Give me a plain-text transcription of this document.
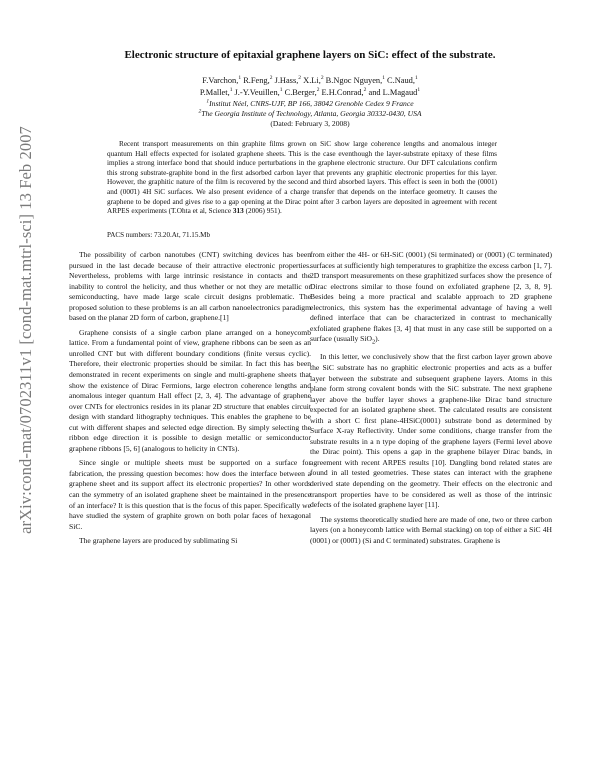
arXiv:cond-mat/0702311v1 [cond-mat.mtrl-sci] 13 Feb 2007
Electronic structure of epitaxial graphene layers on SiC: effect of the substrate.
F.Varchon,$^1$ R.Feng,$^2$ J.Hass,$^2$ X.Li,$^2$ B.Ngoc Nguyen,$^1$ C.Naud,$^1$
P.Mallet,$^1$ J.-Y.Veuillen,$^1$ C.Berger,$^2$ E.H.Conrad,$^2$ and L.Magaud$^1$
$^1$Institut Néel, CNRS-UJF, BP 166, 38042 Grenoble Cedex 9 France
$^2$The Georgia Institute of Technology, Atlanta, Georgia 30332-0430, USA
(Dated: February 3, 2008)

Recent transport measurements on thin graphite films grown on SiC show large coherence lengths and anomalous integer quantum Hall effects expected for isolated graphene sheets. This is the case eventhough the layer-substrate epitaxy of these films implies a strong interface bond that should induce perturbations in the graphene electronic structure. Our DFT calculations confirm this strong substrate-graphite bond in the first adsorbed carbon layer that prevents any graphitic electronic properties for this layer. However, the graphitic nature of the film is recovered by the second and third absorbed layers. This effect is seen in both the (0001) and (000̄1) 4H SiC surfaces. We also present evidence of a charge transfer that depends on the interface geometry. It causes the graphene to be doped and gives rise to a gap opening at the Dirac point after 3 carbon layers are deposited in agreement with recent ARPES experiments (T.Ohta et al, Science 313 (2006) 951).

PACS numbers: 73.20.At, 71.15.Mb

The possibility of carbon nanotubes (CNT) switching devices has been pursued in the last decade because of their attractive electronic properties. Nevertheless, problems with large intrinsic resistance in contacts and the inability to control the helicity, and thus whether or not they are metallic or semiconducting, have made large scale circuit designs problematic. The proposed solution to these problems is an all carbon nanoelectronics paradigm based on the planar 2D form of carbon, graphene.[1]

Graphene consists of a single carbon plane arranged on a honeycomb lattice. From a fundamental point of view, graphene ribbons can be seen as an unrolled CNT but with different boundary conditions (finite versus cyclic). Therefore, their electronic properties should be similar. In fact this has been demonstrated in recent experiments on single and multi-graphene sheets that show the existence of Dirac Fermions, large electron coherence lengths and anomalous integer quantum Hall effect [2, 3, 4]. The advantage of graphene over CNTs for electronics resides in its planar 2D structure that enables circuit design with standard lithography techniques. This enables the graphene to be cut with different shapes and selected edge direction. By simply selecting the ribbon edge direction it is possible to design metallic or semiconductor graphene ribbons [5, 6] (analogous to helicity in CNTs).

Since single or multiple sheets must be supported on a surface for fabrication, the pressing question becomes: how does the interface between a graphene sheet and its support affect its electronic properties? In other words can the symmetry of an isolated graphene sheet be maintained in the presence of an interface? It is this question that is the focus of this paper. Specifically we have studied the system of graphite grown on both polar faces of hexagonal SiC.

The graphene layers are produced by sublimating Si

from either the 4H- or 6H-SiC (0001) (Si terminated) or (000̄1) (C terminated) surfaces at sufficiently high temperatures to graphitize the excess carbon [1, 7]. 2D transport measurements on these graphitized surfaces show the presence of Dirac electrons similar to those found on exfoliated graphene [2, 3, 8, 9]. Besides being a more practical and scalable approach to 2D graphene electronics, this system has the experimental advantage of having a well defined interface that can be characterized in contrast to mechanically exfoliated graphene flakes [3, 4] that must in any case still be supported on a surface (usually SiO$_2$).

In this letter, we conclusively show that the first carbon layer grown above the SiC substrate has no graphitic electronic properties and acts as a buffer layer between the substrate and subsequent graphene layers. Atoms in this plane form strong covalent bonds with the SiC substrate. The next graphene layer above the buffer layer shows a graphene-like Dirac band structure expected for an isolated graphene sheet. The calculated results are consistent with a short C first plane-4HSiC(0001) substrate bond as determined by Surface X-ray Reflectivity. Under some conditions, charge transfer from the substrate results in a n type doping of the graphene layers (Fermi level above the Dirac point). This opens a gap in the graphene bilayer Dirac bands, in agreement with recent ARPES results [10]. Dangling bond related states are found in all tested geometries. These states can interact with the graphene derived state depending on the geometry. Their effects on the electronic and transport properties have to be considered as well as those of the intrinsic defects of the isolated graphene layer [11].

The systems theoretically studied here are made of one, two or three carbon layers (on a honeycomb lattice with Bernal stacking) on top of either a SiC 4H (0001) or (000̄1) (Si and C terminated) substrates. Graphene is
